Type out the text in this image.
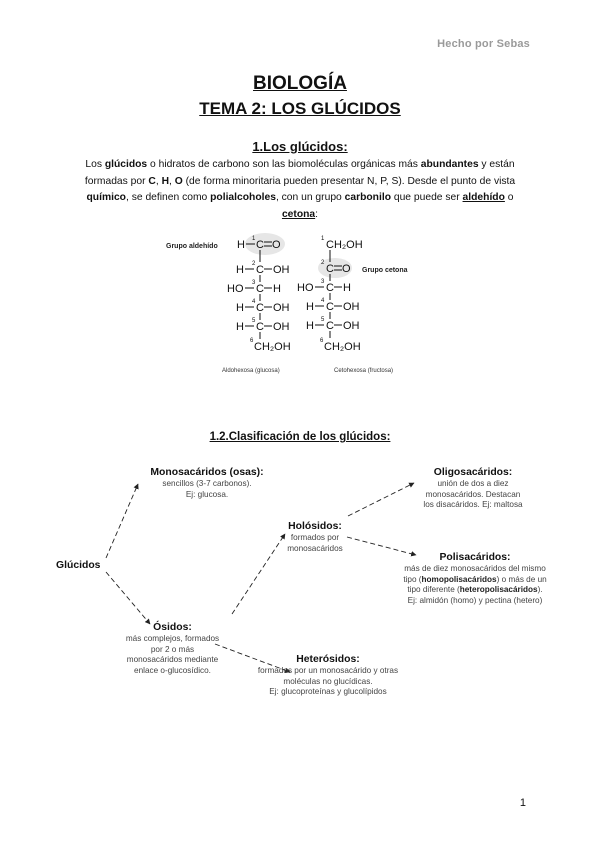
Hecho por Sebas
BIOLOGÍA
TEMA 2: LOS GLÚCIDOS
1.Los glúcidos:
Los glúcidos o hidratos de carbono son las biomoléculas orgánicas más abundantes y están formadas por C, H, O (de forma minoritaria pueden presentar N, P, S). Desde el punto de vista químico, se definen como polialcoholes, con un grupo carbonilo que puede ser aldehído o cetona:
Grupo aldehído
Grupo cetona
H C O
1
H C OH
2
HO C H
3
H C OH
4
H C OH
5
CH₂OH
6
Aldohexosa (glucosa)
CH₂OH
1
C O
2
HO C H
3
H C OH
4
H C OH
5
CH₂OH
6
Cetohexosa (fructosa)
1.2.Clasificación de los glúcidos:
Glúcidos
Monosacáridos (osas):
sencillos (3-7 carbonos).
Ej: glucosa.
Ósidos:
más complejos, formados
por 2 o más
monosacáridos mediante
enlace o-glucosídico.
Holósidos:
formados por
monosacáridos
Heterósidos:
formados por un monosacárido y otras
moléculas no glucídicas.
Ej: glucoproteínas y glucolípidos
Oligosacáridos:
unión de dos a diez
monosacáridos. Destacan
los disacáridos. Ej: maltosa
Polisacáridos:
más de diez monosacáridos del mismo
tipo (homopolisacáridos) o más de un
tipo diferente (heteropolisacáridos).
Ej: almidón (homo) y pectina (hetero)
1
